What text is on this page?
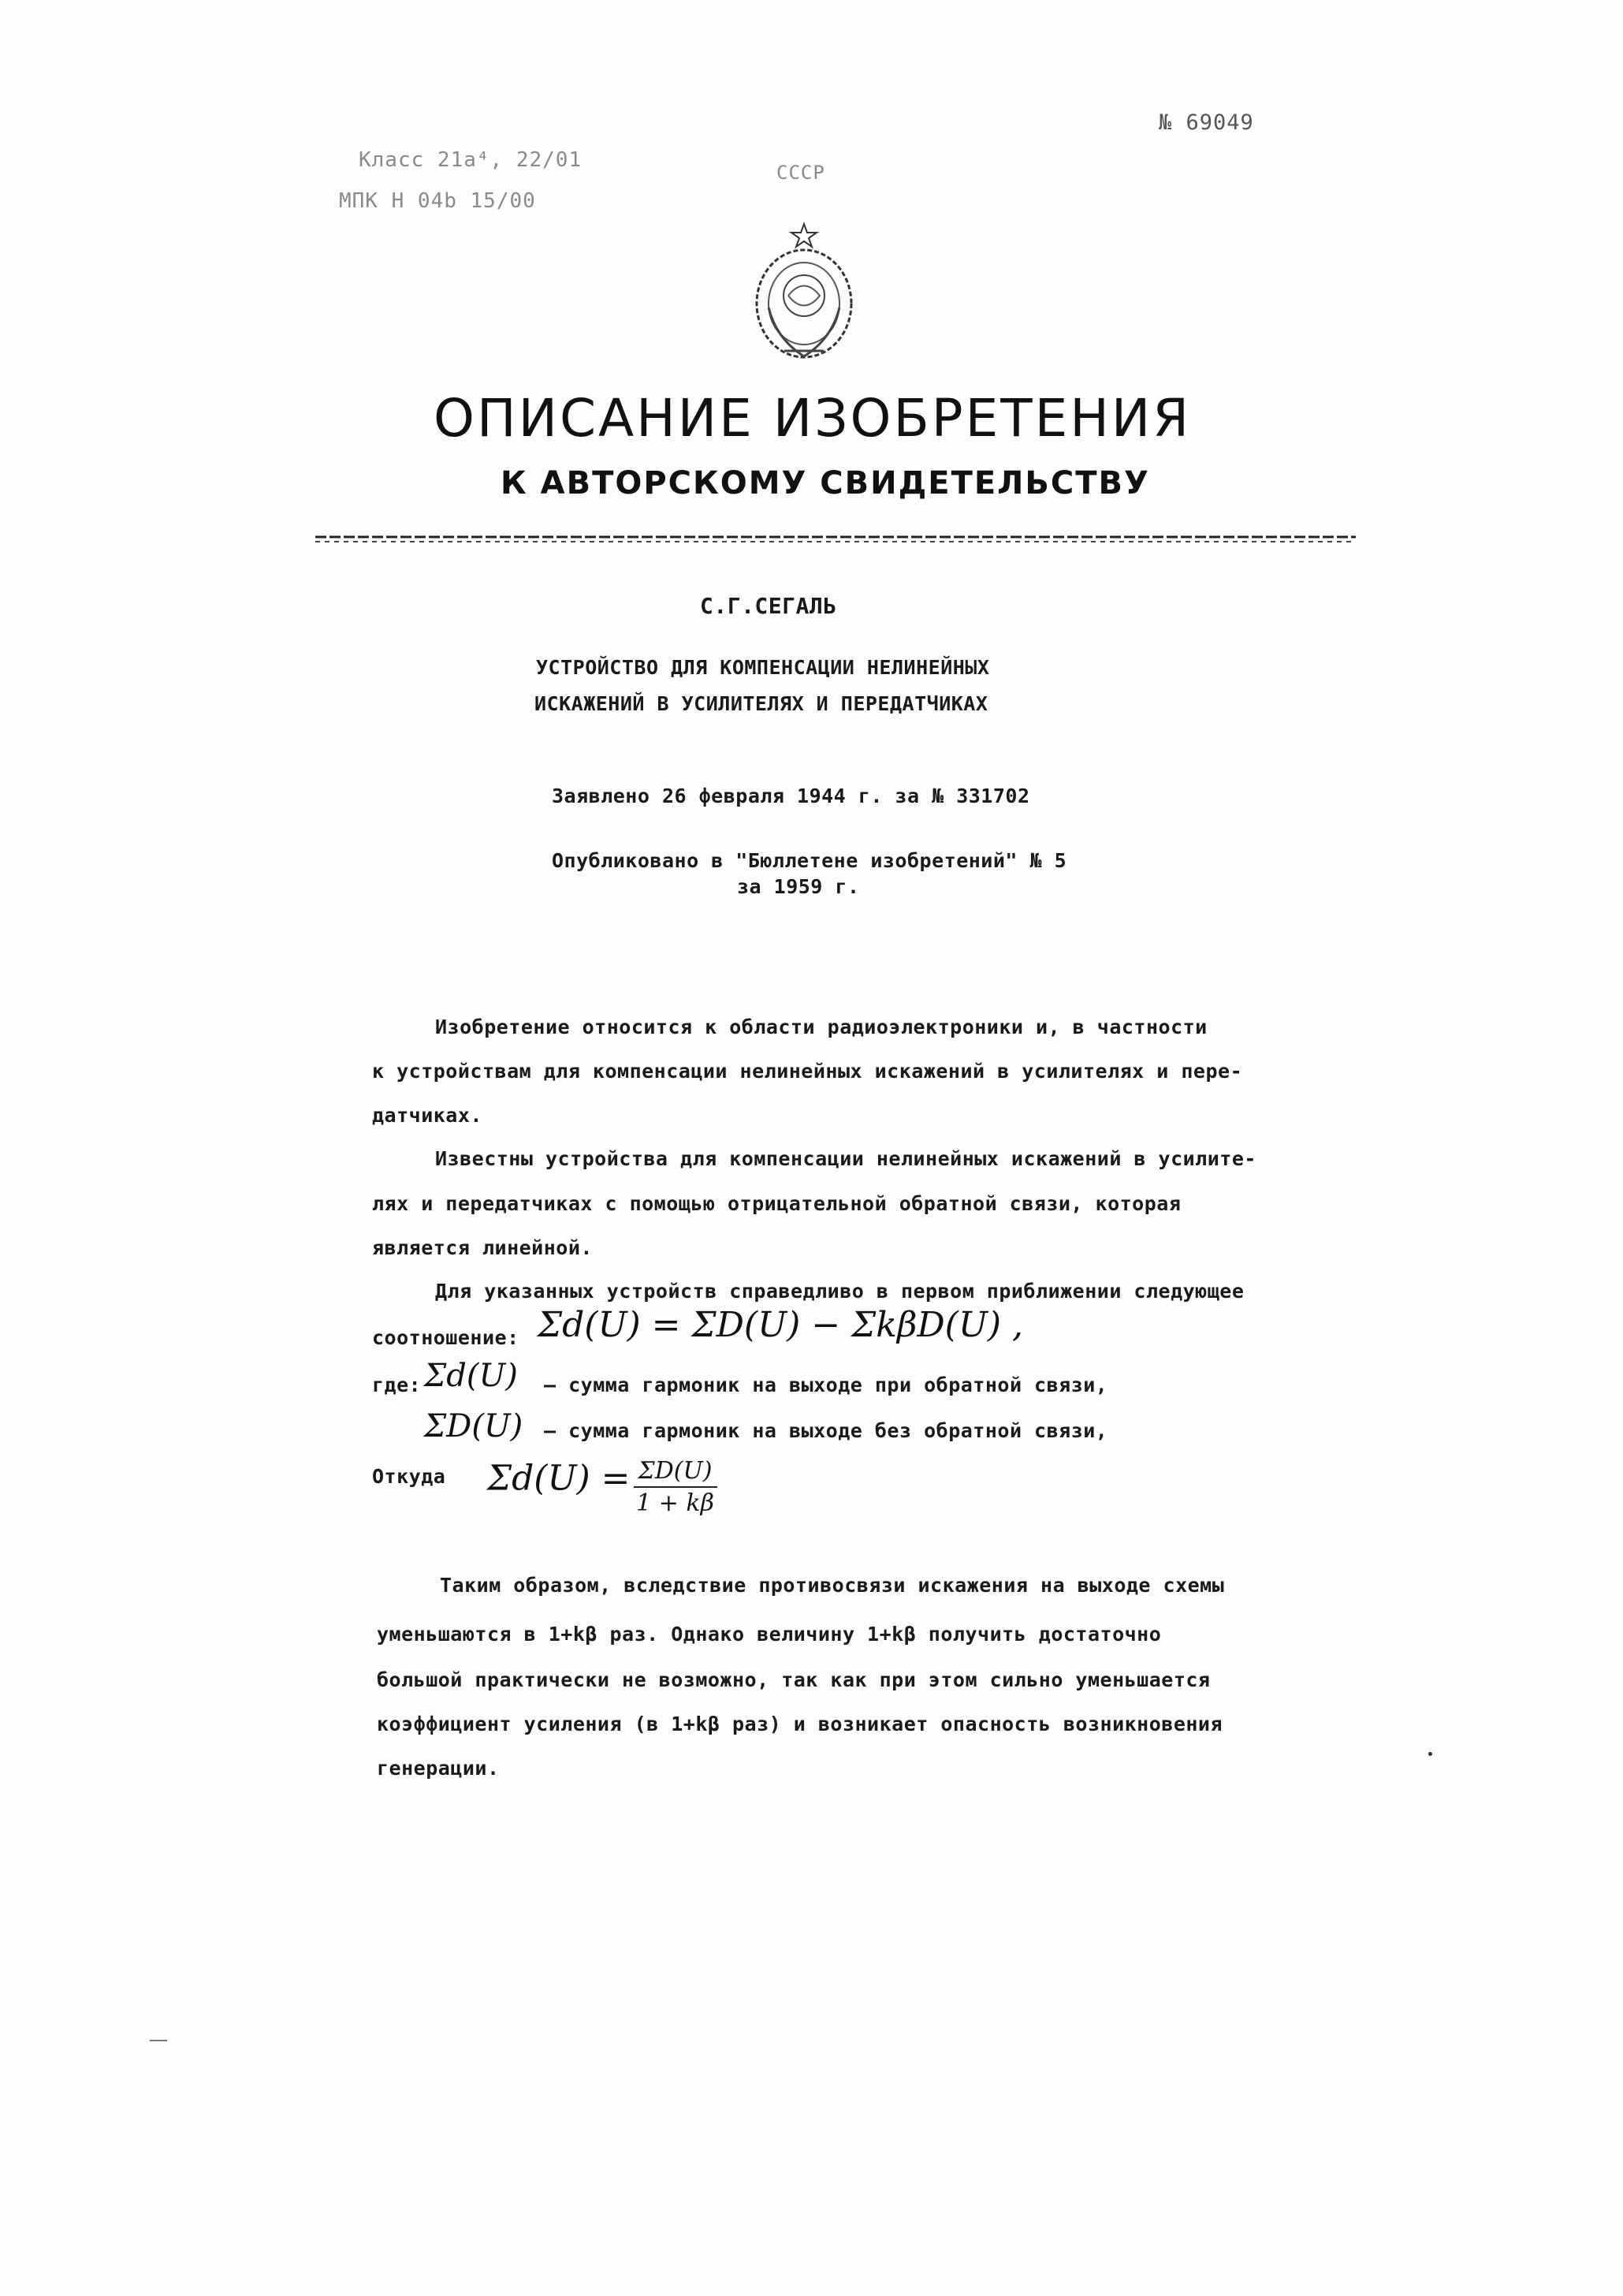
№ 69049
Класс 21a⁴, 22/01
МПК H 04b 15/00
СССР
ОПИСАНИЕ ИЗОБРЕТЕНИЯ
К АВТОРСКОМУ СВИДЕТЕЛЬСТВУ
С.Г.СЕГАЛЬ
УСТРОЙСТВО ДЛЯ КОМПЕНСАЦИИ НЕЛИНЕЙНЫХ
ИСКАЖЕНИЙ В УСИЛИТЕЛЯХ И ПЕРЕДАТЧИКАХ
Заявлено 26 февраля 1944 г. за № 331702
Опубликовано в "Бюллетене изобретений" № 5
за 1959 г.
Изобретение относится к области радиоэлектроники и, в частности
к устройствам для компенсации нелинейных искажений в усилителях и пере-
датчиках.
Известны устройства для компенсации нелинейных искажений в усилите-
лях и передатчиках с помощью отрицательной обратной связи, которая
является линейной.
Для указанных устройств справедливо в первом приближении следующее
соотношение: Σd(U) = ΣD(U) − ΣkβD(U) ,
где: Σd(U) – сумма гармоник на выходе при обратной связи,
ΣD(U) – сумма гармоник на выходе без обратной связи,
Откуда $\Sigma d(U) = \frac{\Sigma D(U)}{1 + k\beta}$
Таким образом, вследствие противосвязи искажения на выходе схемы
уменьшаются в 1+kβ раз. Однако величину 1+kβ получить достаточно
большой практически не возможно, так как при этом сильно уменьшается
коэффициент усиления (в 1+kβ раз) и возникает опасность возникновения
генерации.
